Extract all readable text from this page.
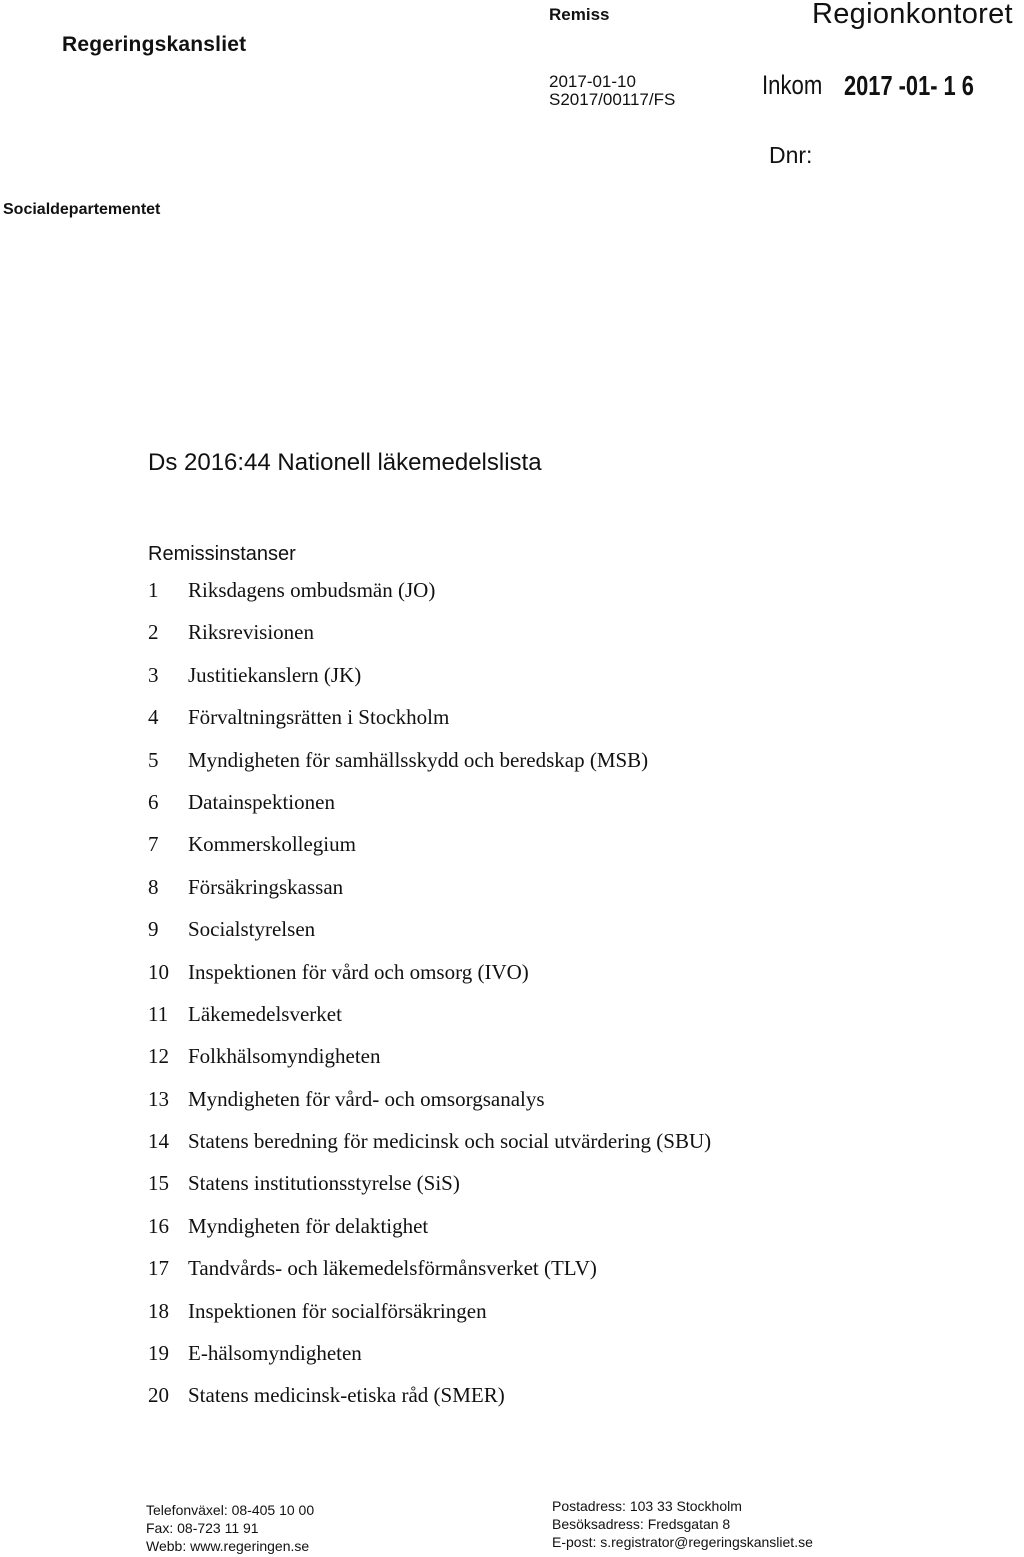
Regeringskansliet
Remiss
2017-01-10
S2017/00117/FS
Regionkontoret
Inkom 2017 -01- 1 6
Dnr:
Socialdepartementet
Ds 2016:44 Nationell läkemedelslista
Remissinstanser
1	Riksdagens ombudsmän (JO)
2	Riksrevisionen
3	Justitiekanslern (JK)
4	Förvaltningsrätten i Stockholm
5	Myndigheten för samhällsskydd och beredskap (MSB)
6	Datainspektionen
7	Kommerskollegium
8	Försäkringskassan
9	Socialstyrelsen
10 Inspektionen för vård och omsorg (IVO)
11 Läkemedelsverket
12 Folkhälsomyndigheten
13 Myndigheten för vård- och omsorgsanalys
14 Statens beredning för medicinsk och social utvärdering (SBU)
15 Statens institutionsstyrelse (SiS)
16 Myndigheten för delaktighet
17 Tandvårds- och läkemedelsförmånsverket (TLV)
18 Inspektionen för socialförsäkringen
19 E-hälsomyndigheten
20 Statens medicinsk-etiska råd (SMER)
Telefonväxel: 08-405 10 00
Fax: 08-723 11 91
Webb: www.regeringen.se
Postadress: 103 33 Stockholm
Besöksadress: Fredsgatan 8
E-post: s.registrator@regeringskansliet.se
